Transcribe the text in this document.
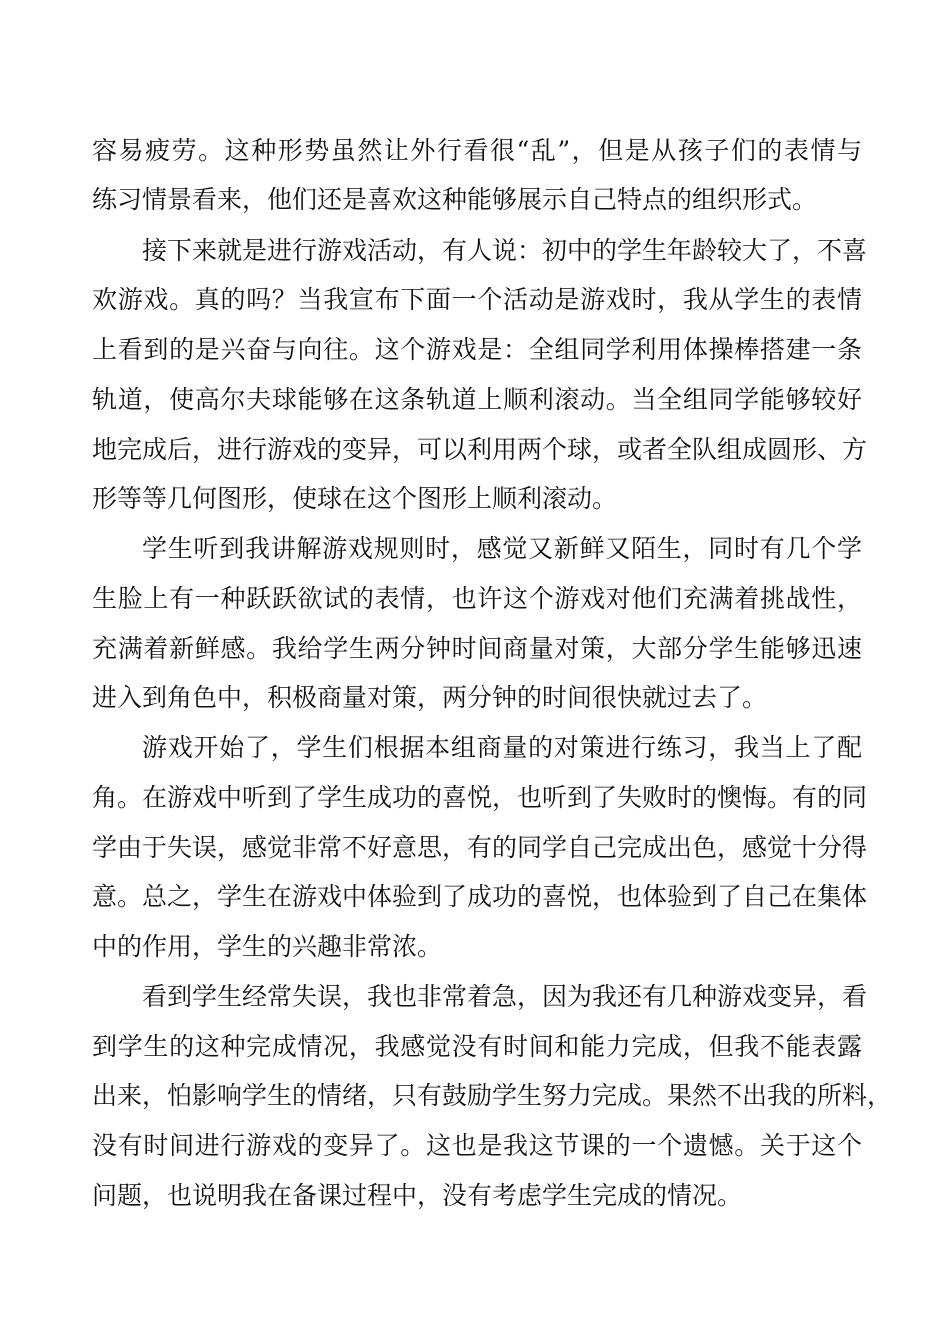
容易疲劳。这种形势虽然让外行看很“乱”，但是从孩子们的表情与
练习情景看来，他们还是喜欢这种能够展示自己特点的组织形式。
接下来就是进行游戏活动，有人说：初中的学生年龄较大了，不喜
欢游戏。真的吗？当我宣布下面一个活动是游戏时，我从学生的表情
上看到的是兴奋与向往。这个游戏是：全组同学利用体操棒搭建一条
轨道，使高尔夫球能够在这条轨道上顺利滚动。当全组同学能够较好
地完成后，进行游戏的变异，可以利用两个球，或者全队组成圆形、方
形等等几何图形，使球在这个图形上顺利滚动。
学生听到我讲解游戏规则时，感觉又新鲜又陌生，同时有几个学
生脸上有一种跃跃欲试的表情，也许这个游戏对他们充满着挑战性，
充满着新鲜感。我给学生两分钟时间商量对策，大部分学生能够迅速
进入到角色中，积极商量对策，两分钟的时间很快就过去了。
游戏开始了，学生们根据本组商量的对策进行练习，我当上了配
角。在游戏中听到了学生成功的喜悦，也听到了失败时的懊悔。有的同
学由于失误，感觉非常不好意思，有的同学自己完成出色，感觉十分得
意。总之，学生在游戏中体验到了成功的喜悦，也体验到了自己在集体
中的作用，学生的兴趣非常浓。
看到学生经常失误，我也非常着急，因为我还有几种游戏变异，看
到学生的这种完成情况，我感觉没有时间和能力完成，但我不能表露
出来，怕影响学生的情绪，只有鼓励学生努力完成。果然不出我的所料，
没有时间进行游戏的变异了。这也是我这节课的一个遗憾。关于这个
问题，也说明我在备课过程中，没有考虑学生完成的情况。
